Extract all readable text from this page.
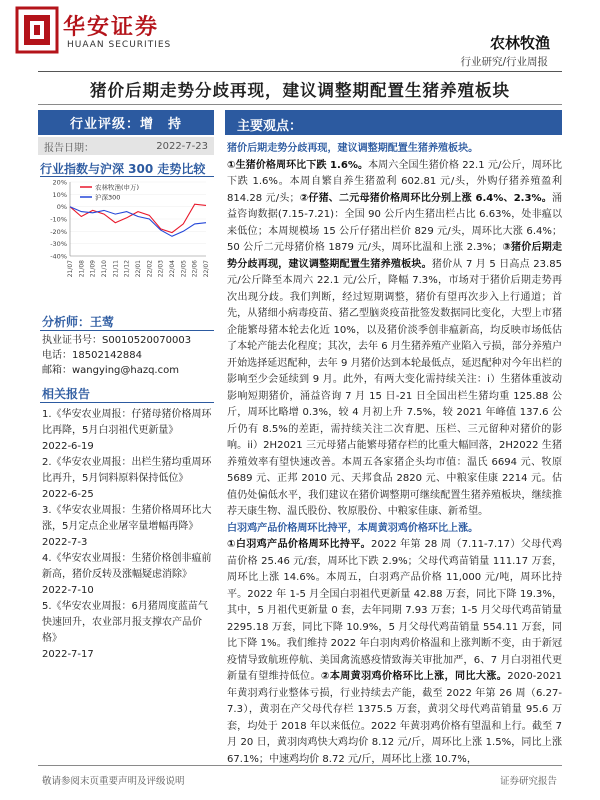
华安证券
HUAAN SECURITIES	农林牧渔
行业研究/行业周报
猪价后期走势分歧再现，建议调整期配置生猪养殖板块
行业评级：增　持
报告日期：	2022-7-23
行业指数与沪深 300 走势比较
20%
10%
0%
-10%
-20%
-30%
-40%
21/07 21/08 21/09 21/10 21/11 21/12 22/01 22/02 22/03 22/04 22/05 22/06 22/07
农林牧渔(申万)
沪深300
分析师：王莺
执业证书号：S0010520070003
电话：18502142884
邮箱：wangying@hazq.com
相关报告
1.《华安农业周报：仔猪母猪价格周环比再降，5月白羽祖代更新量》
2022-6-19
2.《华安农业周报：出栏生猪均重周环比再升，5月饲料原料保持低位》
2022-6-25
3.《华安农业周报：生猪价格周环比大涨，5月定点企业屠宰量增幅再降》
2022-7-3
4.《华安农业周报：生猪价格创非瘟前新高，猪价反转及涨幅疑虑消除》
2022-7-10
5.《华安农业周报：6月猪周度蓝苗气快速回升，农业部月报支撑农产品价格》
2022-7-17
主要观点：

猪价后期走势分歧再现，建议调整期配置生猪养殖板块。

①生猪价格周环比下跌 1.6%。本周六全国生猪价格 22.1 元/公斤，周环比下跌 1.6%。本周自繁自养生猪盈利 602.81 元/头，外购仔猪养殖盈利 814.28 元/头；②仔猪、二元母猪价格周环比分别上涨 6.4%、2.3%。涌益咨询数据(7.15-7.21)：全国 90 公斤内生猪出栏占比 6.63%，处非瘟以来低位；本周规模场 15 公斤仔猪出栏价 829 元/头，周环比大涨 6.4%；50 公斤二元母猪价格 1879 元/头，周环比温和上涨 2.3%；③猪价后期走势分歧再现，建议调整期配置生猪养殖板块。猪价从 7 月 5 日高点 23.85 元/公斤降至本周六 22.1 元/公斤，降幅 7.3%，市场对于猪价后期走势再次出现分歧。我们判断，经过短期调整，猪价有望再次步入上行通道；首先，从猪细小病毒疫苗、猪乙型脑炎疫苗批签发数据同比变化，大型上市猪企能繁母猪本轮去化近 10%，以及猪价淡季创非瘟新高，均反映市场低估了本轮产能去化程度；其次，去年 6 月生猪养殖产业陷入亏损，部分养殖户开始选择延迟配种，去年 9 月猪价达到本轮最低点，延迟配种对今年出栏的影响至少会延续到 9 月。此外，有两大变化需持续关注：i）生猪体重波动影响短期猪价，涌益咨询 7 月 15 日-21 日全国出栏生猪均重 125.88 公斤，周环比略增 0.3%，较 4 月初上升 7.5%，较 2021 年峰值 137.6 公斤仍有 8.5%的差距，需持续关注二次育肥、压栏、三元留种对猪价的影响。ii）2H2021 三元母猪占能繁母猪存栏的比重大幅回落，2H2022 生猪养殖效率有望快速改善。本周五各家猪企头均市值：温氏 6694 元、牧原 5689 元、正邦 2010 元、天邦食品 2820 元、中粮家佳康 2214 元。估值仍处偏低水平，我们建议在猪价调整期可继续配置生猪养殖板块，继续推荐天康生物、温氏股份、牧原股份、中粮家佳康、新希望。

白羽鸡产品价格周环比持平，本周黄羽鸡价格环比上涨。

①白羽鸡产品价格周环比持平。2022 年第 28 周（7.11-7.17）父母代鸡苗价格 25.46 元/套，周环比下跌 2.9%；父母代鸡苗销量 111.17 万套，周环比上涨 14.6%。本周五，白羽鸡产品价格 11,000 元/吨，周环比持平。2022 年 1-5 月全国白羽祖代更新量 42.88 万套，同比下降 19.3%，其中，5 月祖代更新量 0 套，去年同期 7.93 万套；1-5 月父母代鸡苗销量 2295.18 万套，同比下降 10.9%，5 月父母代鸡苗销量 554.11 万套，同比下降 1%。我们维持 2022 年白羽肉鸡价格温和上涨判断不变，由于新冠疫情导致航班停航、美国禽流感疫情致海关审批加严，6、7 月白羽祖代更新量有望维持低位。②本周黄羽鸡价格环比上涨，同比大涨。2020-2021 年黄羽鸡行业整体亏损，行业持续去产能，截至 2022 年第 26 周（6.27-7.3），黄羽在产父母代存栏 1375.5 万套，黄羽父母代鸡苗销量 95.6 万套，均处于 2018 年以来低位。2022 年黄羽鸡价格有望温和上行。截至 7 月 20 日，黄羽肉鸡快大鸡均价 8.12 元/斤，周环比上涨 1.5%，同比上涨 67.1%；中速鸡均价 8.72 元/斤，周环比上涨 10.7%，

敬请参阅末页重要声明及评级说明	证券研究报告
